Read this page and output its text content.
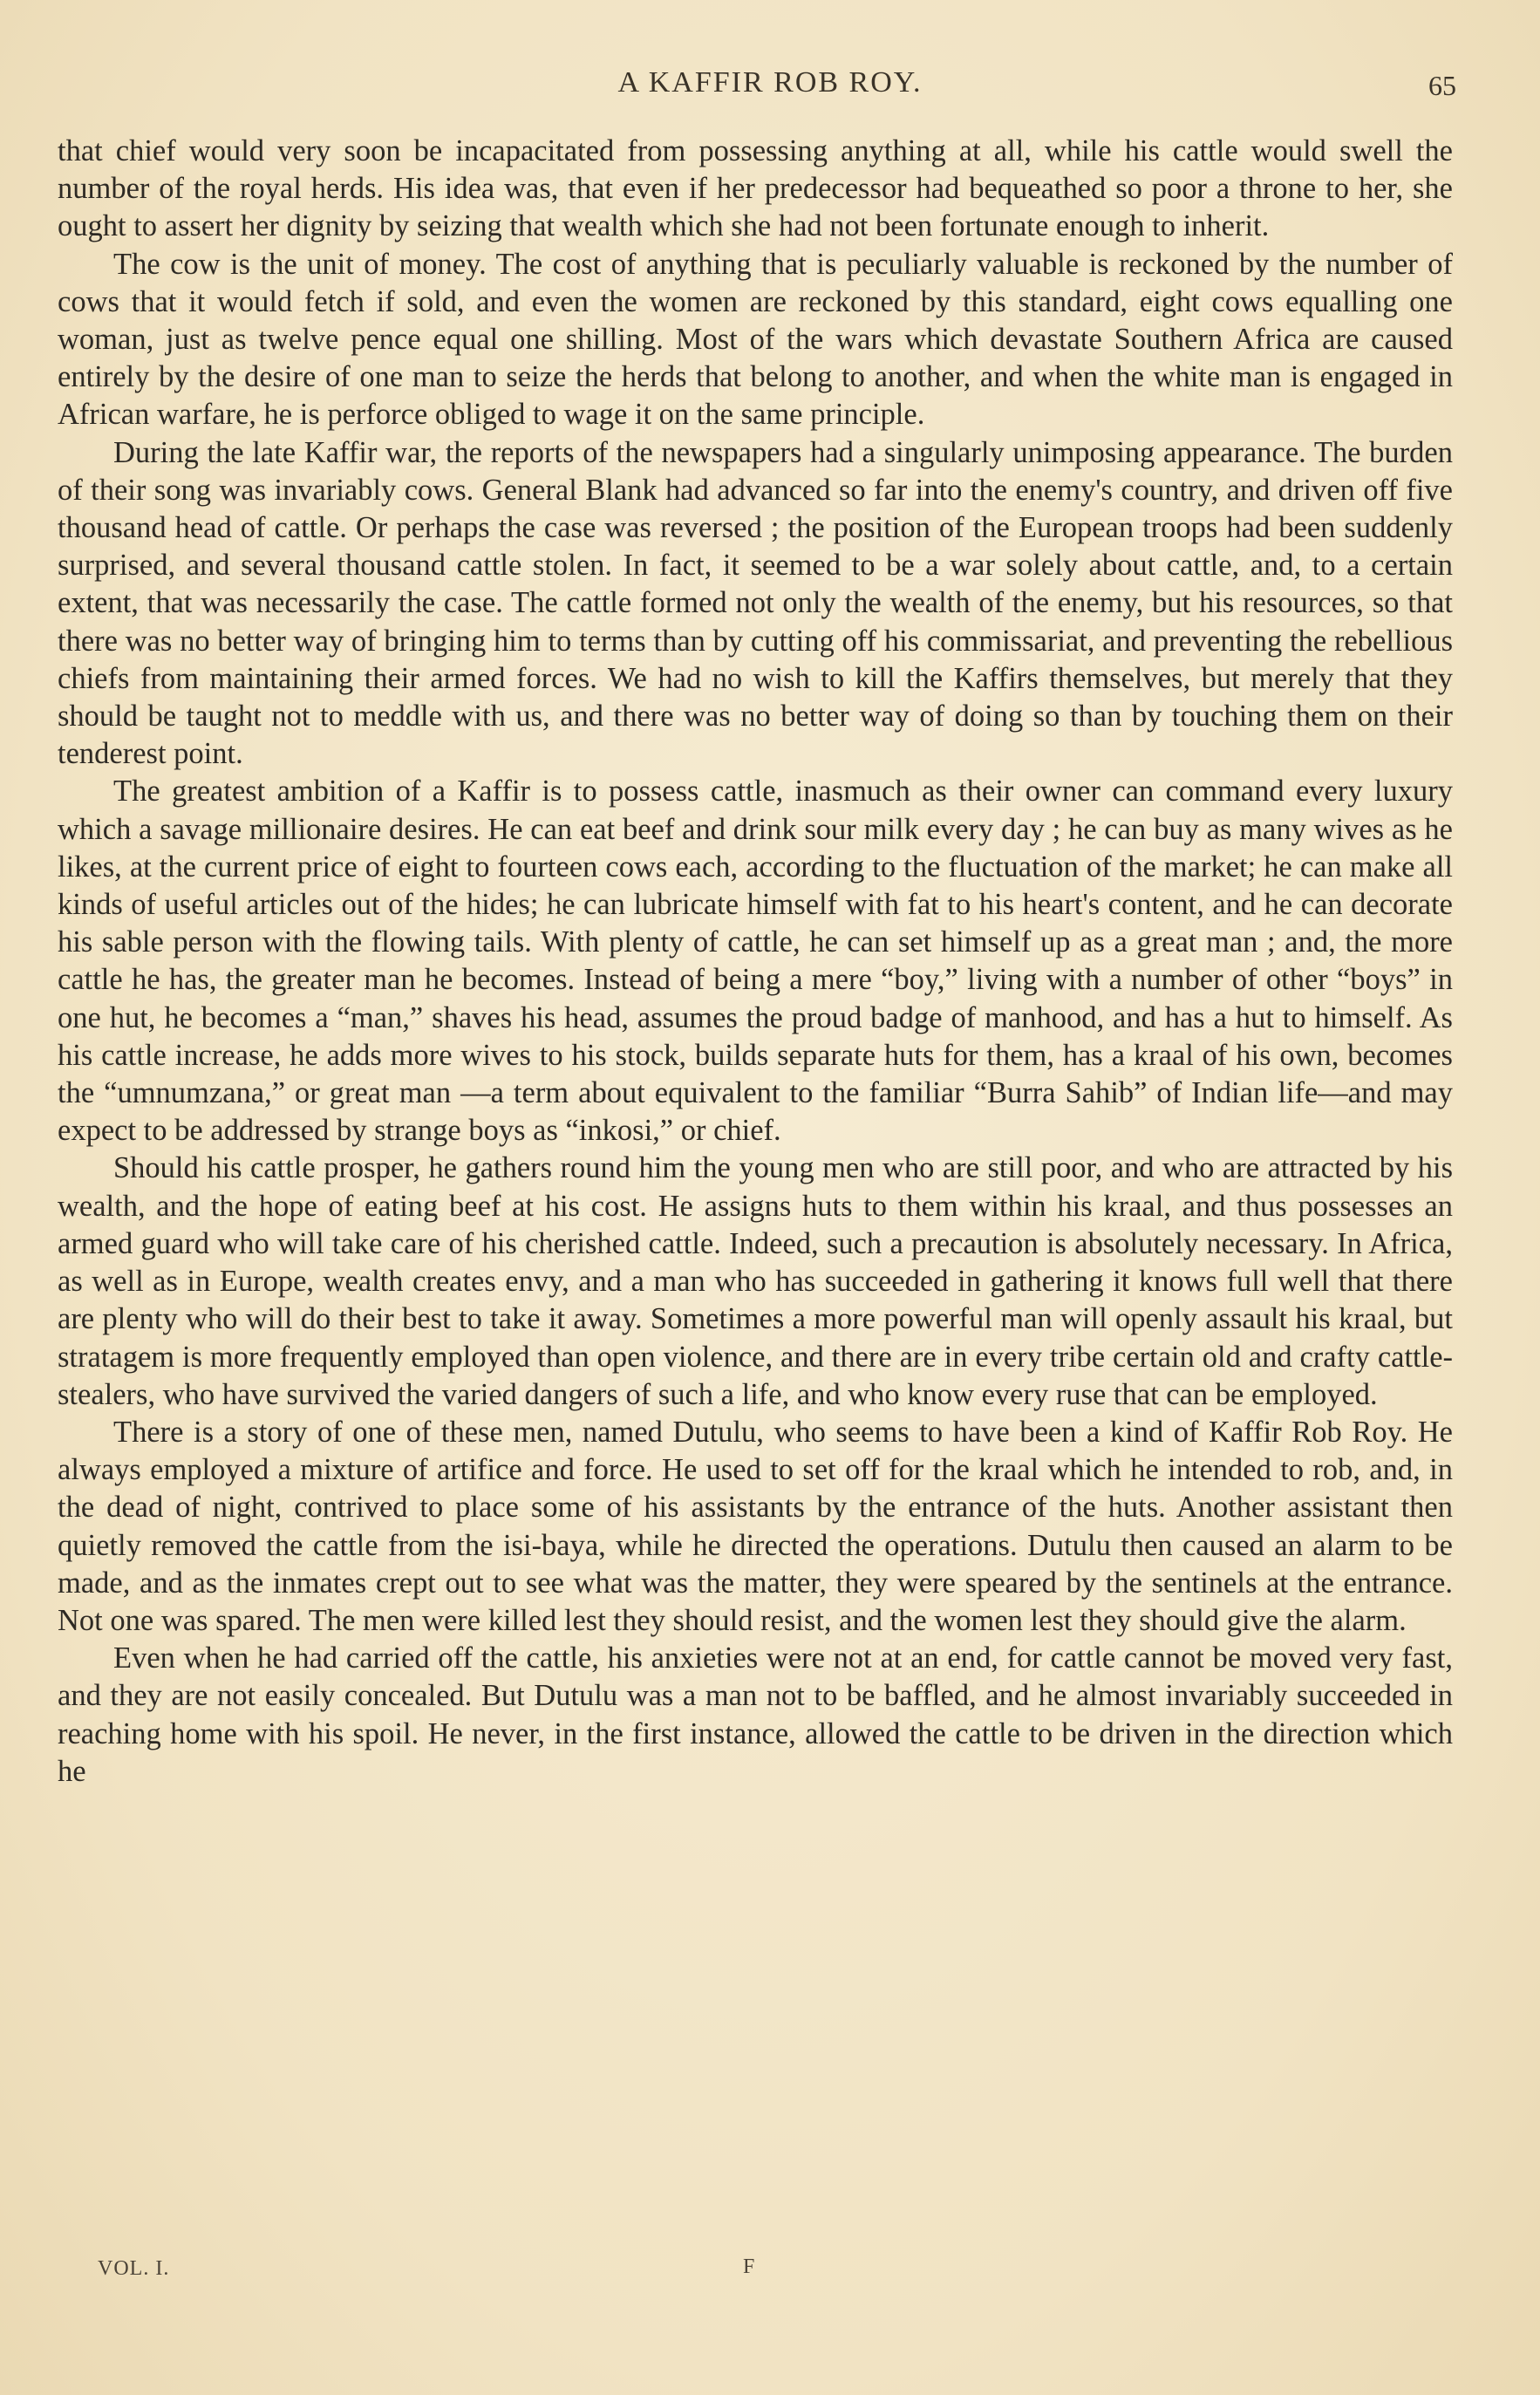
A KAFFIR ROB ROY.	65

that chief would very soon be incapacitated from possessing anything at all, while his cattle would swell the number of the royal herds. His idea was, that even if her predecessor had bequeathed so poor a throne to her, she ought to assert her dignity by seizing that wealth which she had not been fortunate enough to inherit.

The cow is the unit of money. The cost of anything that is peculiarly valuable is reckoned by the number of cows that it would fetch if sold, and even the women are reckoned by this standard, eight cows equalling one woman, just as twelve pence equal one shilling. Most of the wars which devastate Southern Africa are caused entirely by the desire of one man to seize the herds that belong to another, and when the white man is engaged in African warfare, he is perforce obliged to wage it on the same principle.

During the late Kaffir war, the reports of the newspapers had a singularly unimposing appearance. The burden of their song was invariably cows. General Blank had advanced so far into the enemy's country, and driven off five thousand head of cattle. Or perhaps the case was reversed ; the position of the European troops had been suddenly surprised, and several thousand cattle stolen. In fact, it seemed to be a war solely about cattle, and, to a certain extent, that was necessarily the case. The cattle formed not only the wealth of the enemy, but his resources, so that there was no better way of bringing him to terms than by cutting off his commissariat, and preventing the rebellious chiefs from maintaining their armed forces. We had no wish to kill the Kaffirs themselves, but merely that they should be taught not to meddle with us, and there was no better way of doing so than by touching them on their tenderest point.

The greatest ambition of a Kaffir is to possess cattle, inasmuch as their owner can command every luxury which a savage millionaire desires. He can eat beef and drink sour milk every day ; he can buy as many wives as he likes, at the current price of eight to fourteen cows each, according to the fluctuation of the market; he can make all kinds of useful articles out of the hides; he can lubricate himself with fat to his heart's content, and he can decorate his sable person with the flowing tails. With plenty of cattle, he can set himself up as a great man ; and, the more cattle he has, the greater man he becomes. Instead of being a mere “boy,” living with a number of other “boys” in one hut, he becomes a “man,” shaves his head, assumes the proud badge of manhood, and has a hut to himself. As his cattle increase, he adds more wives to his stock, builds separate huts for them, has a kraal of his own, becomes the “umnumzana,” or great man —a term about equivalent to the familiar “Burra Sahib” of Indian life—and may expect to be addressed by strange boys as “inkosi,” or chief.

Should his cattle prosper, he gathers round him the young men who are still poor, and who are attracted by his wealth, and the hope of eating beef at his cost. He assigns huts to them within his kraal, and thus possesses an armed guard who will take care of his cherished cattle. Indeed, such a precaution is absolutely necessary. In Africa, as well as in Europe, wealth creates envy, and a man who has succeeded in gathering it knows full well that there are plenty who will do their best to take it away. Sometimes a more powerful man will openly assault his kraal, but stratagem is more frequently employed than open violence, and there are in every tribe certain old and crafty cattle-stealers, who have survived the varied dangers of such a life, and who know every ruse that can be employed.

There is a story of one of these men, named Dutulu, who seems to have been a kind of Kaffir Rob Roy. He always employed a mixture of artifice and force. He used to set off for the kraal which he intended to rob, and, in the dead of night, contrived to place some of his assistants by the entrance of the huts. Another assistant then quietly removed the cattle from the isi-baya, while he directed the operations. Dutulu then caused an alarm to be made, and as the inmates crept out to see what was the matter, they were speared by the sentinels at the entrance. Not one was spared. The men were killed lest they should resist, and the women lest they should give the alarm.

Even when he had carried off the cattle, his anxieties were not at an end, for cattle cannot be moved very fast, and they are not easily concealed. But Dutulu was a man not to be baffled, and he almost invariably succeeded in reaching home with his spoil. He never, in the first instance, allowed the cattle to be driven in the direction which he

VOL. I.	F
